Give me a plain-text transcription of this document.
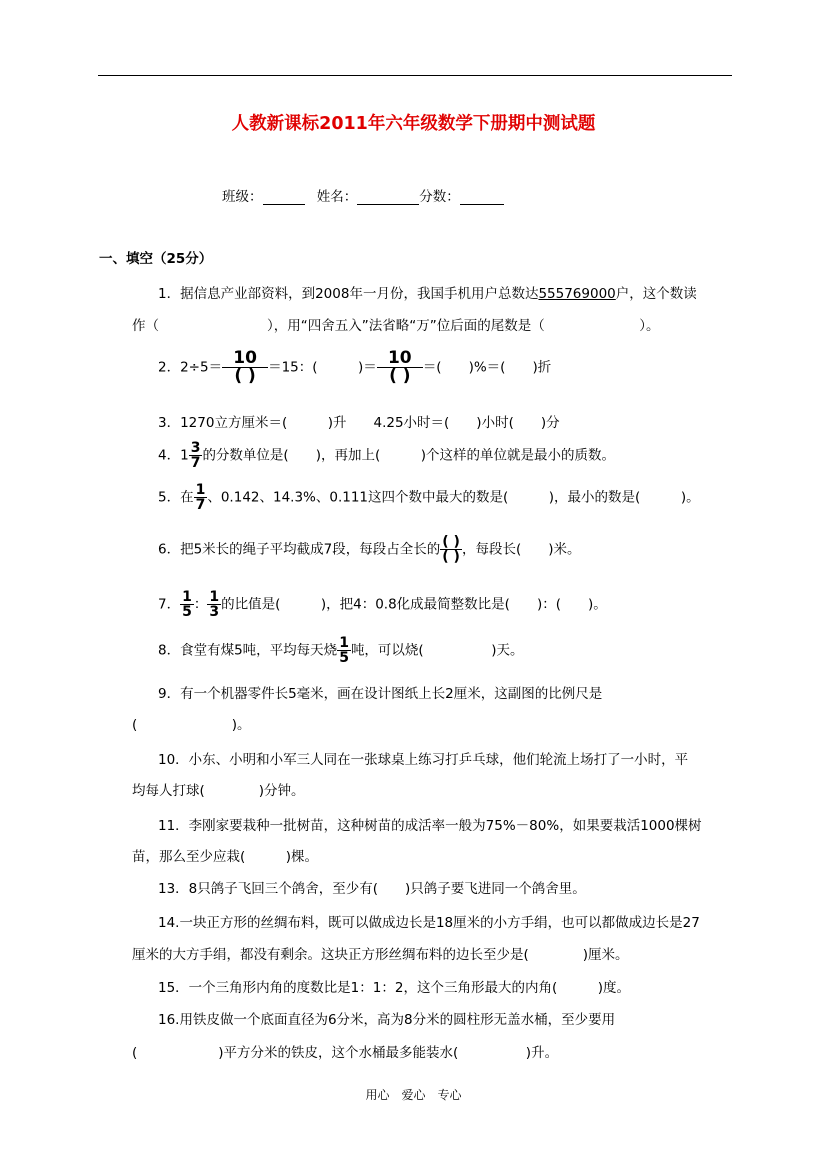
人教新课标2011年六年级数学下册期中测试题
班级：	姓名：	分数：
一、填空（25分）
1．据信息产业部资料，到2008年一月份，我国手机用户总数达555769000户，这个数读
作（　　　　　　　　），用“四舍五入”法省略“万”位后面的尾数是（　　　　　　　）。
2．$2\div 5= \frac{10}{( )} =15$：(　　　)＝ $\frac{10}{( )}$ ＝(　　)%＝(　　)折
3．1270立方厘米＝(　　　)升　　4.25小时＝(　　)小时(　　)分
4．$1 \frac{3}{7}$ 的分数单位是(　　)，再加上(　　　)个这样的单位就是最小的质数。
5．在 $\frac{1}{7}$ 、0.142、14.3%、0.111这四个数中最大的数是(　　　)，最小的数是(　　　)。
6．把5米长的绳子平均截成7段，每段占全长的 $\frac{( )}{( )}$ ，每段长(　　)米。
7． $\frac{1}{5}$ ： $\frac{1}{3}$ 的比值是(　　　)，把4：0.8化成最简整数比是(　　)：(　　)。
8．食堂有煤5吨，平均每天烧 $\frac{1}{5}$ 吨，可以烧(　　　　　)天。
9．有一个机器零件长5毫米，画在设计图纸上长2厘米，这副图的比例尺是
(　　　　　　　)。
10．小东、小明和小军三人同在一张球桌上练习打乒乓球，他们轮流上场打了一小时，平
均每人打球(　　　　)分钟。
11．李刚家要栽种一批树苗，这种树苗的成活率一般为75%－80%，如果要栽活1000棵树
苗，那么至少应栽(　　　)棵。
13．8只鸽子飞回三个鸽舍，至少有(　　)只鸽子要飞进同一个鸽舍里。
14.一块正方形的丝绸布料，既可以做成边长是18厘米的小方手绢，也可以都做成边长是27
厘米的大方手绢，都没有剩余。这块正方形丝绸布料的边长至少是(　　　　)厘米。
15．一个三角形内角的度数比是1：1：2，这个三角形最大的内角(　　　)度。
16.用铁皮做一个底面直径为6分米，高为8分米的圆柱形无盖水桶，至少要用
(　　　　　　)平方分米的铁皮，这个水桶最多能装水(　　　　　)升。
用心　爱心　专心
